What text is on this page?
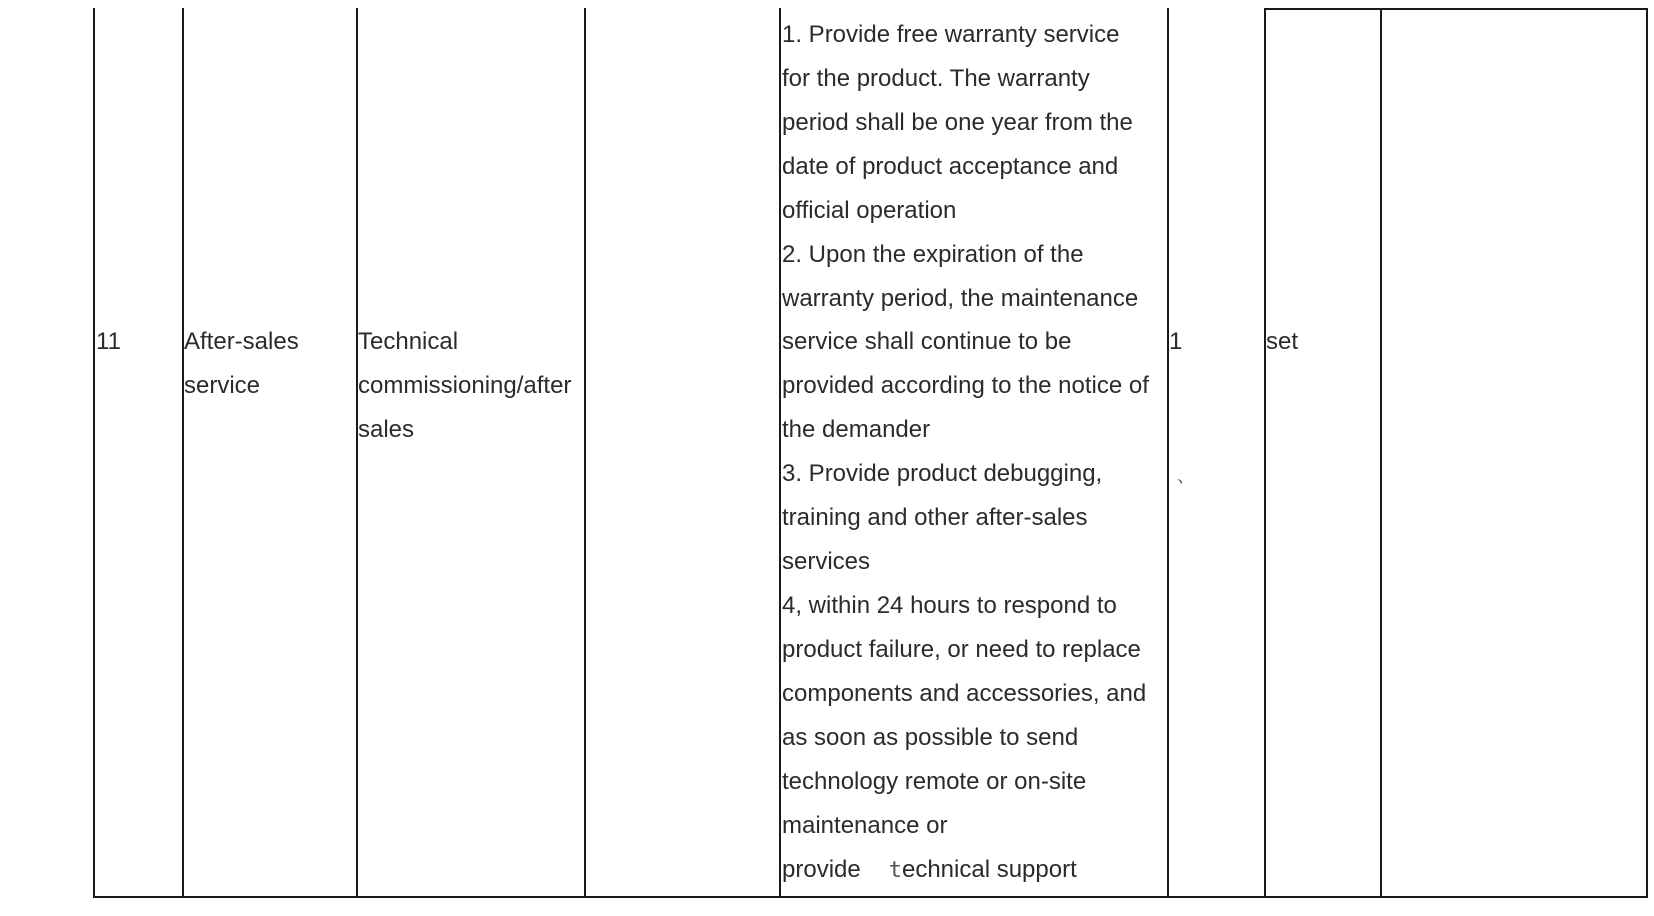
11	After-sales
service
Technical
commissioning/after
sales
1. Provide free warranty service
for the product. The warranty
period shall be one year from the
date of product acceptance and
official operation
2. Upon the expiration of the
warranty period, the maintenance
service shall continue to be
provided according to the notice of
the demander
3. Provide product debugging,
training and other after-sales
services
4, within 24 hours to respond to
product failure, or need to replace
components and accessories, and
as soon as possible to send
technology remote or on-site
maintenance or
provide technical support
1
、
set
